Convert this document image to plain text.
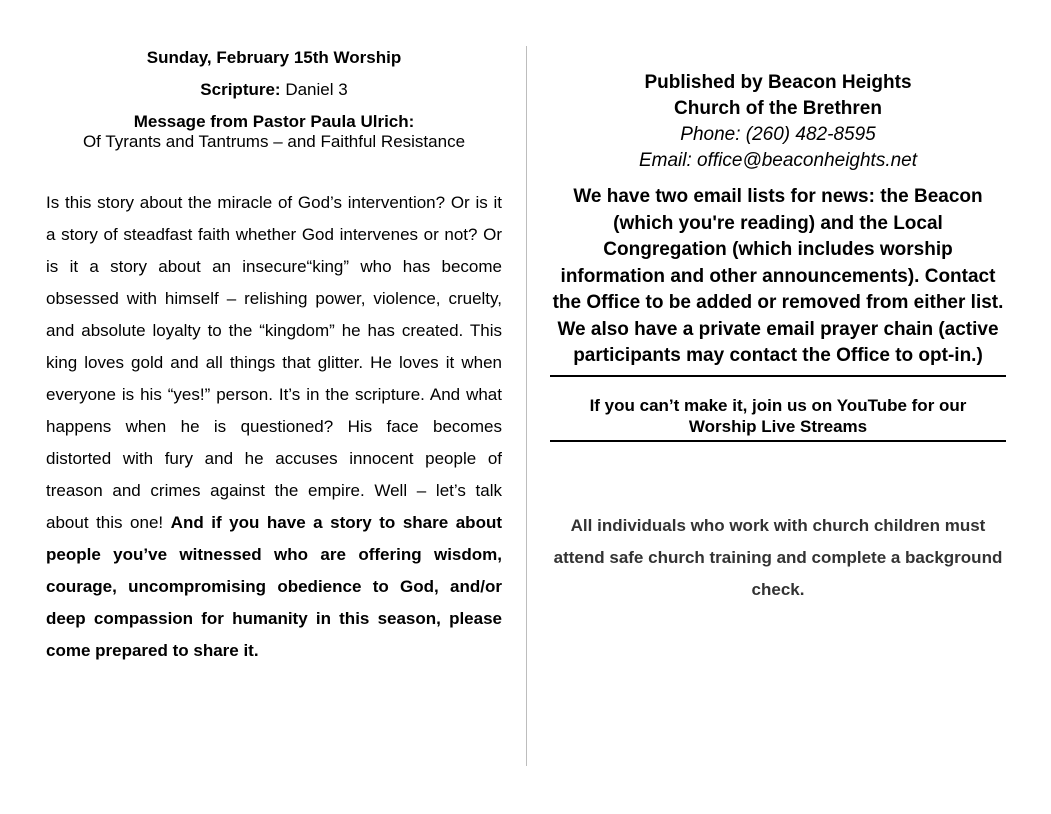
Sunday, February 15th Worship
Scripture: Daniel 3
Message from Pastor Paula Ulrich:
Of Tyrants and Tantrums – and Faithful Resistance
Is this story about the miracle of God’s intervention? Or is it a story of steadfast faith whether God intervenes or not? Or is it a story about an insecure“king” who has become obsessed with himself – relishing power, violence, cruelty, and absolute loyalty to the “kingdom” he has created. This king loves gold and all things that glitter. He loves it when everyone is his “yes!” person. It’s in the scripture. And what happens when he is questioned? His face becomes distorted with fury and he accuses innocent people of treason and crimes against the empire. Well – let’s talk about this one! And if you have a story to share about people you’ve witnessed who are offering wisdom, courage, uncompromising obedience to God, and/or deep compassion for humanity in this season, please come prepared to share it.
Published by Beacon Heights
Church of the Brethren
Phone: (260) 482-8595
Email: office@beaconheights.net
We have two email lists for news: the Beacon (which you're reading) and the Local Congregation (which includes worship information and other announcements). Contact the Office to be added or removed from either list. We also have a private email prayer chain (active participants may contact the Office to opt-in.)
If you can’t make it, join us on YouTube for our
Worship Live Streams
All individuals who work with church children must attend safe church training and complete a background check.
